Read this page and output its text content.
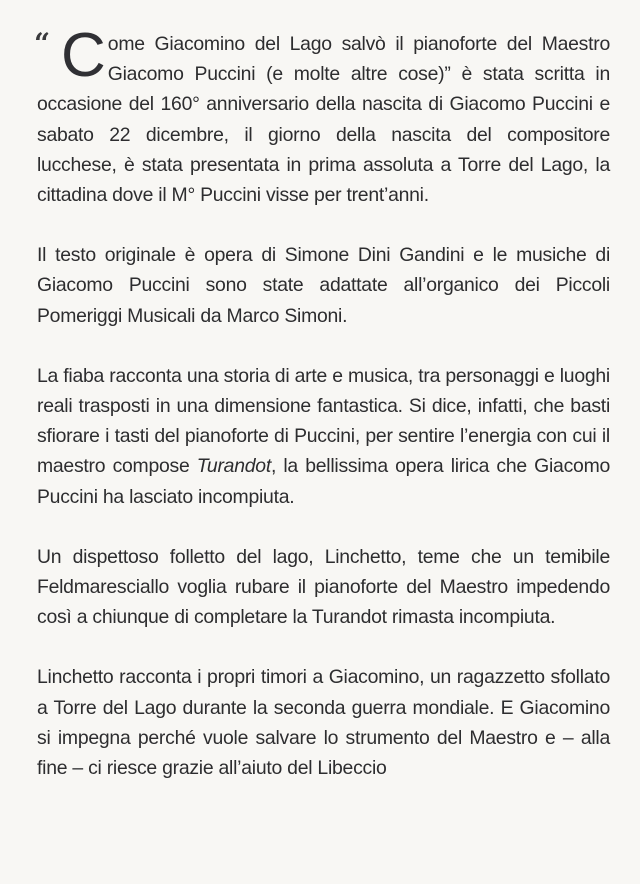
“ C ome Giacomino del Lago salvò il pianoforte del Maestro Giacomo Puccini (e molte altre cose)” è stata scritta in occasione del 160° anniversario della nascita di Giacomo Puccini e sabato 22 dicembre, il giorno della nascita del compositore lucchese, è stata presentata in prima assoluta a Torre del Lago, la cittadina dove il M° Puccini visse per trent’anni.

Il testo originale è opera di Simone Dini Gandini e le musiche di Giacomo Puccini sono state adattate all’organico dei Piccoli Pomeriggi Musicali da Marco Simoni.

La fiaba racconta una storia di arte e musica, tra personaggi e luoghi reali trasposti in una dimensione fantastica. Si dice, infatti, che basti sfiorare i tasti del pianoforte di Puccini, per sentire l’energia con cui il maestro compose Turandot, la bellissima opera lirica che Giacomo Puccini ha lasciato incompiuta.

Un dispettoso folletto del lago, Linchetto, teme che un temibile Feldmaresciallo voglia rubare il pianoforte del Maestro impedendo così a chiunque di completare la Turandot rimasta incompiuta.

Linchetto racconta i propri timori a Giacomino, un ragazzetto sfollato a Torre del Lago durante la seconda guerra mondiale. E Giacomino si impegna perché vuole salvare lo strumento del Maestro e – alla fine – ci riesce grazie all’aiuto del Libeccio
